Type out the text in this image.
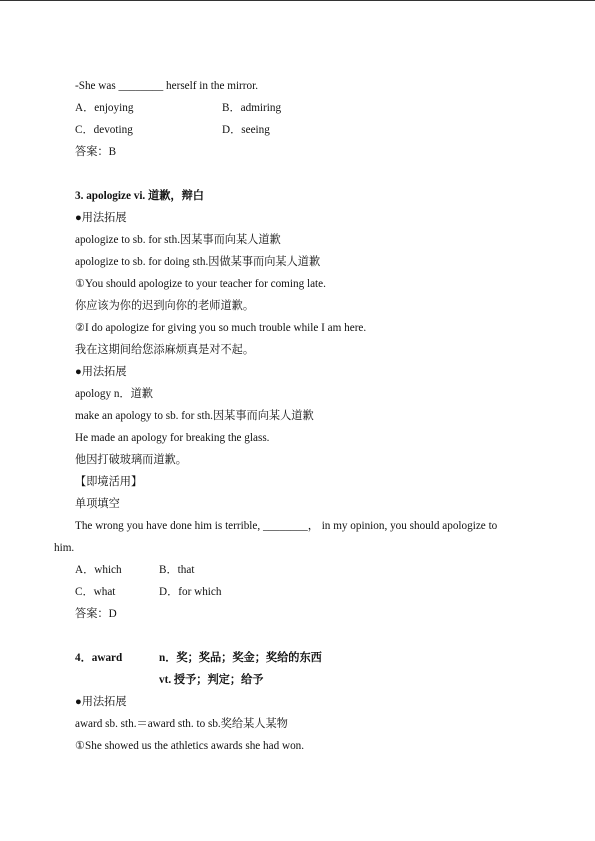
-She was ________ herself in the mirror.
A．enjoying	B．admiring
C．devoting	D．seeing
答案：B
3. apologize vi. 道歉，辩白
●用法拓展
apologize to sb. for sth.因某事而向某人道歉
apologize to sb. for doing sth.因做某事而向某人道歉
①You should apologize to your teacher for coming late.
你应该为你的迟到向你的老师道歉。
②I do apologize for giving you so much trouble while I am here.
我在这期间给您添麻烦真是对不起。
●用法拓展
apology n．道歉
make an apology to sb. for sth.因某事而向某人道歉
He made an apology for breaking the glass.
他因打破玻璃而道歉。
【即境活用】
单项填空
The wrong you have done him is terrible, ________， in my opinion, you should apologize to
him.
A．which	B．that
C．what	D．for which
答案：D
4．award	n．奖；奖品；奖金；奖给的东西
vt. 授予；判定；给予
●用法拓展
award sb. sth.＝award sth. to sb.奖给某人某物
①She showed us the athletics awards she had won.
